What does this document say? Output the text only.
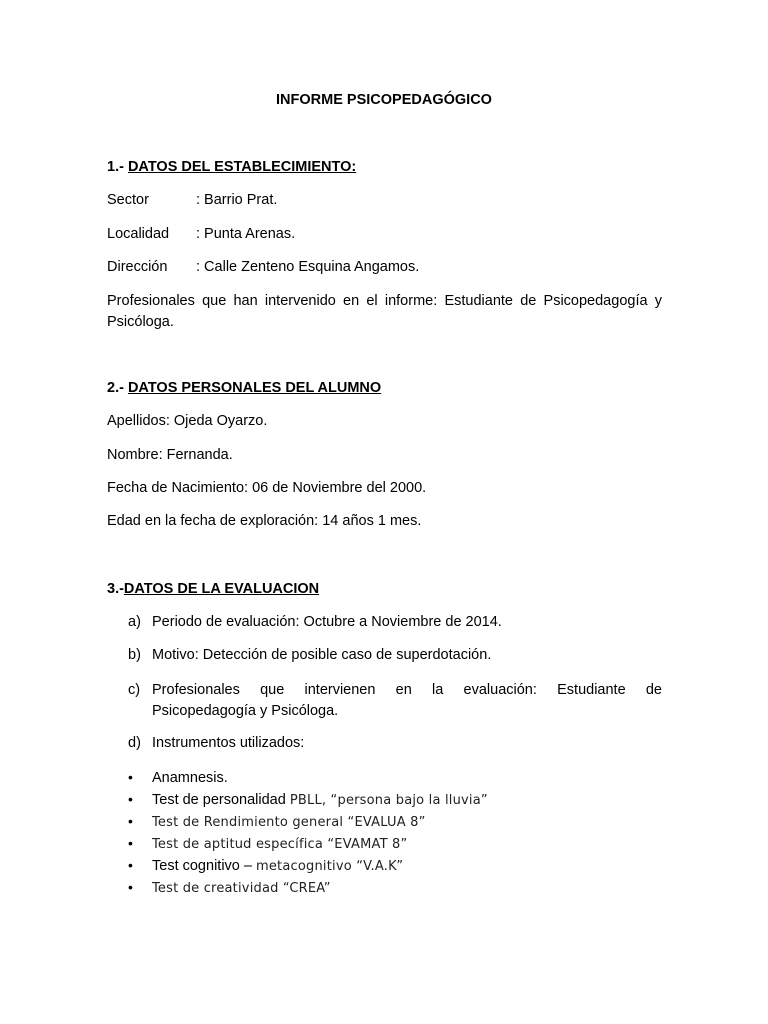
INFORME PSICOPEDAGÓGICO
1.- DATOS DEL ESTABLECIMIENTO:
Sector	: Barrio Prat.
Localidad : Punta Arenas.
Dirección : Calle Zenteno Esquina Angamos.
Profesionales que han intervenido en el informe: Estudiante de Psicopedagogía y
Psicóloga.
2.- DATOS PERSONALES DEL ALUMNO
Apellidos: Ojeda Oyarzo.
Nombre: Fernanda.
Fecha de Nacimiento: 06 de Noviembre del 2000.
Edad en la fecha de exploración: 14 años 1 mes.
3.-DATOS DE LA EVALUACION
a) Periodo de evaluación: Octubre a Noviembre de 2014.
b) Motivo: Detección de posible caso de superdotación.
c) Profesionales que intervienen en la evaluación: Estudiante de
Psicopedagogía y Psicóloga.
d) Instrumentos utilizados:
• Anamnesis.
• Test de personalidad PBLL, “persona bajo la lluvia”
• Test de Rendimiento general “EVALUA 8”
• Test de aptitud específica “EVAMAT 8”
• Test cognitivo – metacognitivo “V.A.K”
• Test de creatividad “CREA”
